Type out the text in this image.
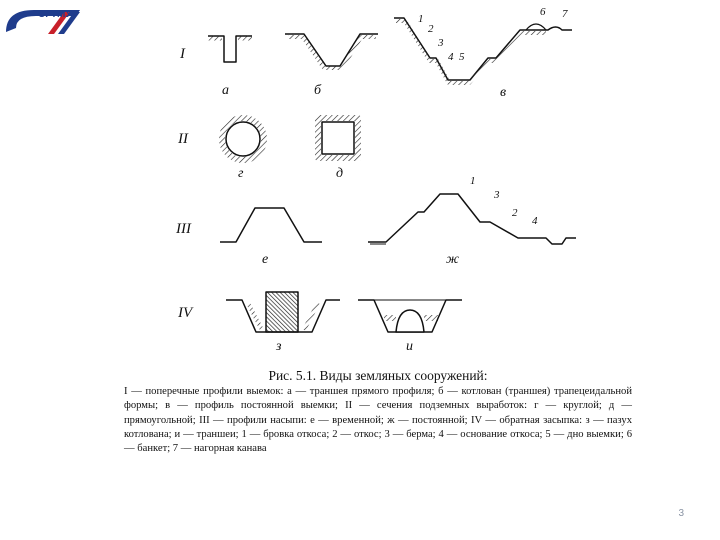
СГТМУ
I
II
III
IV
а	б	в
г	д
е	ж
з	и
1
2
3
4 5
6 7
1
3
2
4
Рис. 5.1. Виды земляных сооружений:
I — поперечные профили выемок: а — траншея прямого профиля; б — котлован (траншея) трапецеидальной формы; в — профиль постоянной выемки; II — сечения подземных выработок: г — круглой; д — прямоугольной; III — профили насыпи: е — временной; ж — постоянной; IV — обратная засыпка: з — пазух котлована; и — траншеи; 1 — бровка откоса; 2 — откос; 3 — берма; 4 — основание откоса; 5 — дно выемки; 6 — банкет; 7 — нагорная канава
3
